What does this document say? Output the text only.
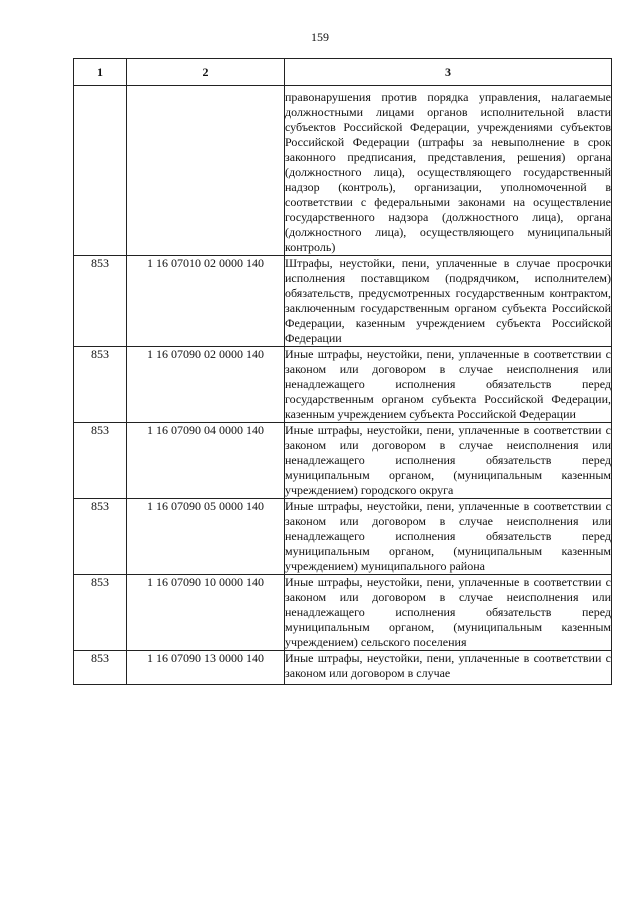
159
1	2	3
		правонарушения против порядка управления, налагаемые должностными лицами органов исполнительной власти субъектов Российской Федерации, учреждениями субъектов Российской Федерации (штрафы за невыполнение в срок законного предписания, представления, решения) органа (должностного лица), осуществляющего государственный надзор (контроль), организации, уполномоченной в соответствии с федеральными законами на осуществление государственного надзора (должностного лица), органа (должностного лица), осуществляющего муниципальный контроль)
853	1 16 07010 02 0000 140	Штрафы, неустойки, пени, уплаченные в случае просрочки исполнения поставщиком (подрядчиком, исполнителем) обязательств, предусмотренных государственным контрактом, заключенным государственным органом субъекта Российской Федерации, казенным учреждением субъекта Российской Федерации
853	1 16 07090 02 0000 140	Иные штрафы, неустойки, пени, уплаченные в соответствии с законом или договором в случае неисполнения или ненадлежащего исполнения обязательств перед государственным органом субъекта Российской Федерации, казенным учреждением субъекта Российской Федерации
853	1 16 07090 04 0000 140	Иные штрафы, неустойки, пени, уплаченные в соответствии с законом или договором в случае неисполнения или ненадлежащего исполнения обязательств перед муниципальным органом, (муниципальным казенным учреждением) городского округа
853	1 16 07090 05 0000 140	Иные штрафы, неустойки, пени, уплаченные в соответствии с законом или договором в случае неисполнения или ненадлежащего исполнения обязательств перед муниципальным органом, (муниципальным казенным учреждением) муниципального района
853	1 16 07090 10 0000 140	Иные штрафы, неустойки, пени, уплаченные в соответствии с законом или договором в случае неисполнения или ненадлежащего исполнения обязательств перед муниципальным органом, (муниципальным казенным учреждением) сельского поселения
853	1 16 07090 13 0000 140	Иные штрафы, неустойки, пени, уплаченные в соответствии с законом или договором в случае
